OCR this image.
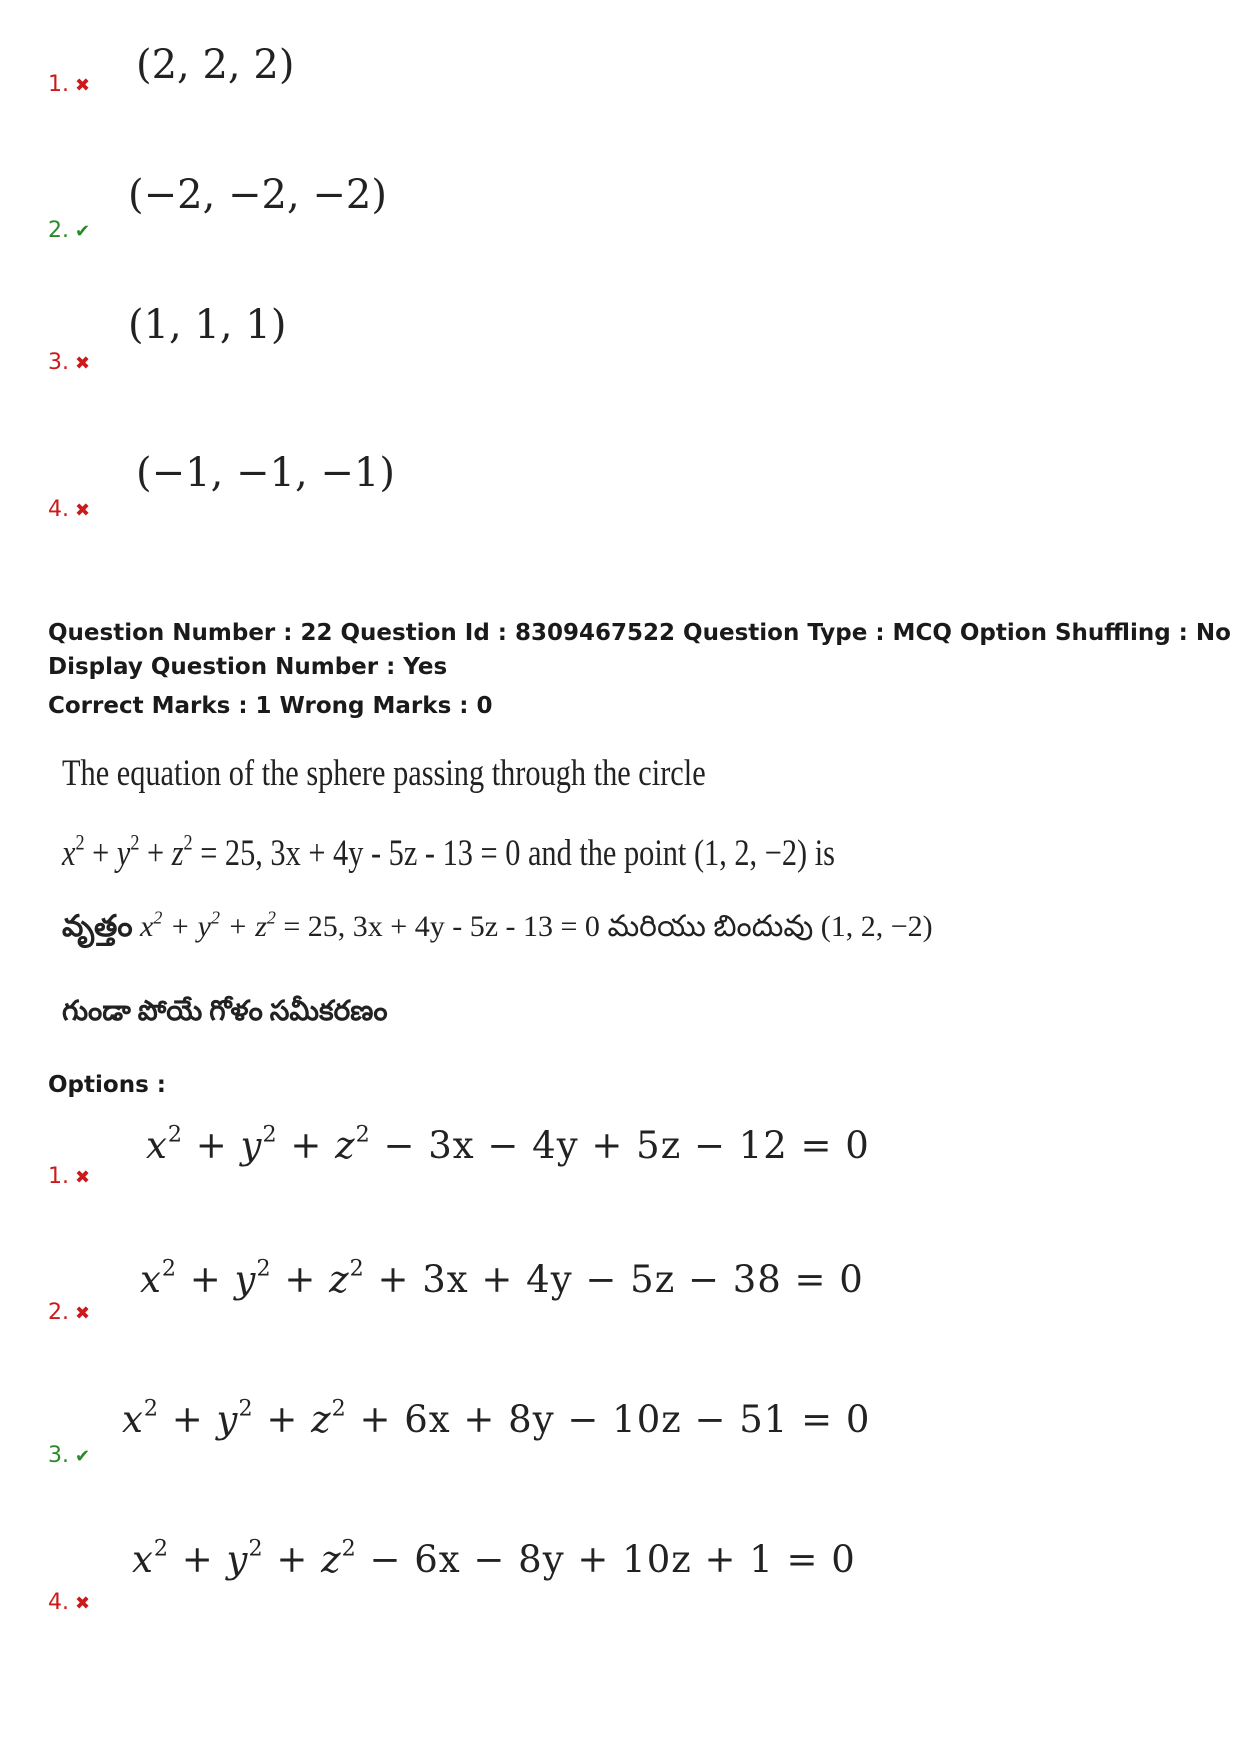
1. ✖ (2, 2, 2)
2. ✔
(−2, −2, −2)
3. ✖
(1, 1, 1)
4. ✖
(−1, −1, −1)
Question Number : 22 Question Id : 8309467522 Question Type : MCQ Option Shuffling : No
Display Question Number : Yes
Correct Marks : 1 Wrong Marks : 0
The equation of the sphere passing through the circle
$x^2 + y^2 + z^2 = 25$, 3x + 4y - 5z - 13 = 0 and the point (1, 2, −2) is
వృత్తం $x^2 + y^2 + z^2 = 25$, 3x + 4y - 5z - 13 = 0 మరియు బిందువు (1, 2, −2)
గుండా పోయే గోళం సమీకరణం
Options :
1. ✖
$x^2 + y^2 + z^2 - 3x - 4y + 5z - 12 = 0$
2. ✖
$x^2 + y^2 + z^2 + 3x + 4y - 5z - 38 = 0$
3. ✔
$x^2 + y^2 + z^2 + 6x + 8y - 10z - 51 = 0$
4. ✖
$x^2 + y^2 + z^2 - 6x - 8y + 10z + 1 = 0$
